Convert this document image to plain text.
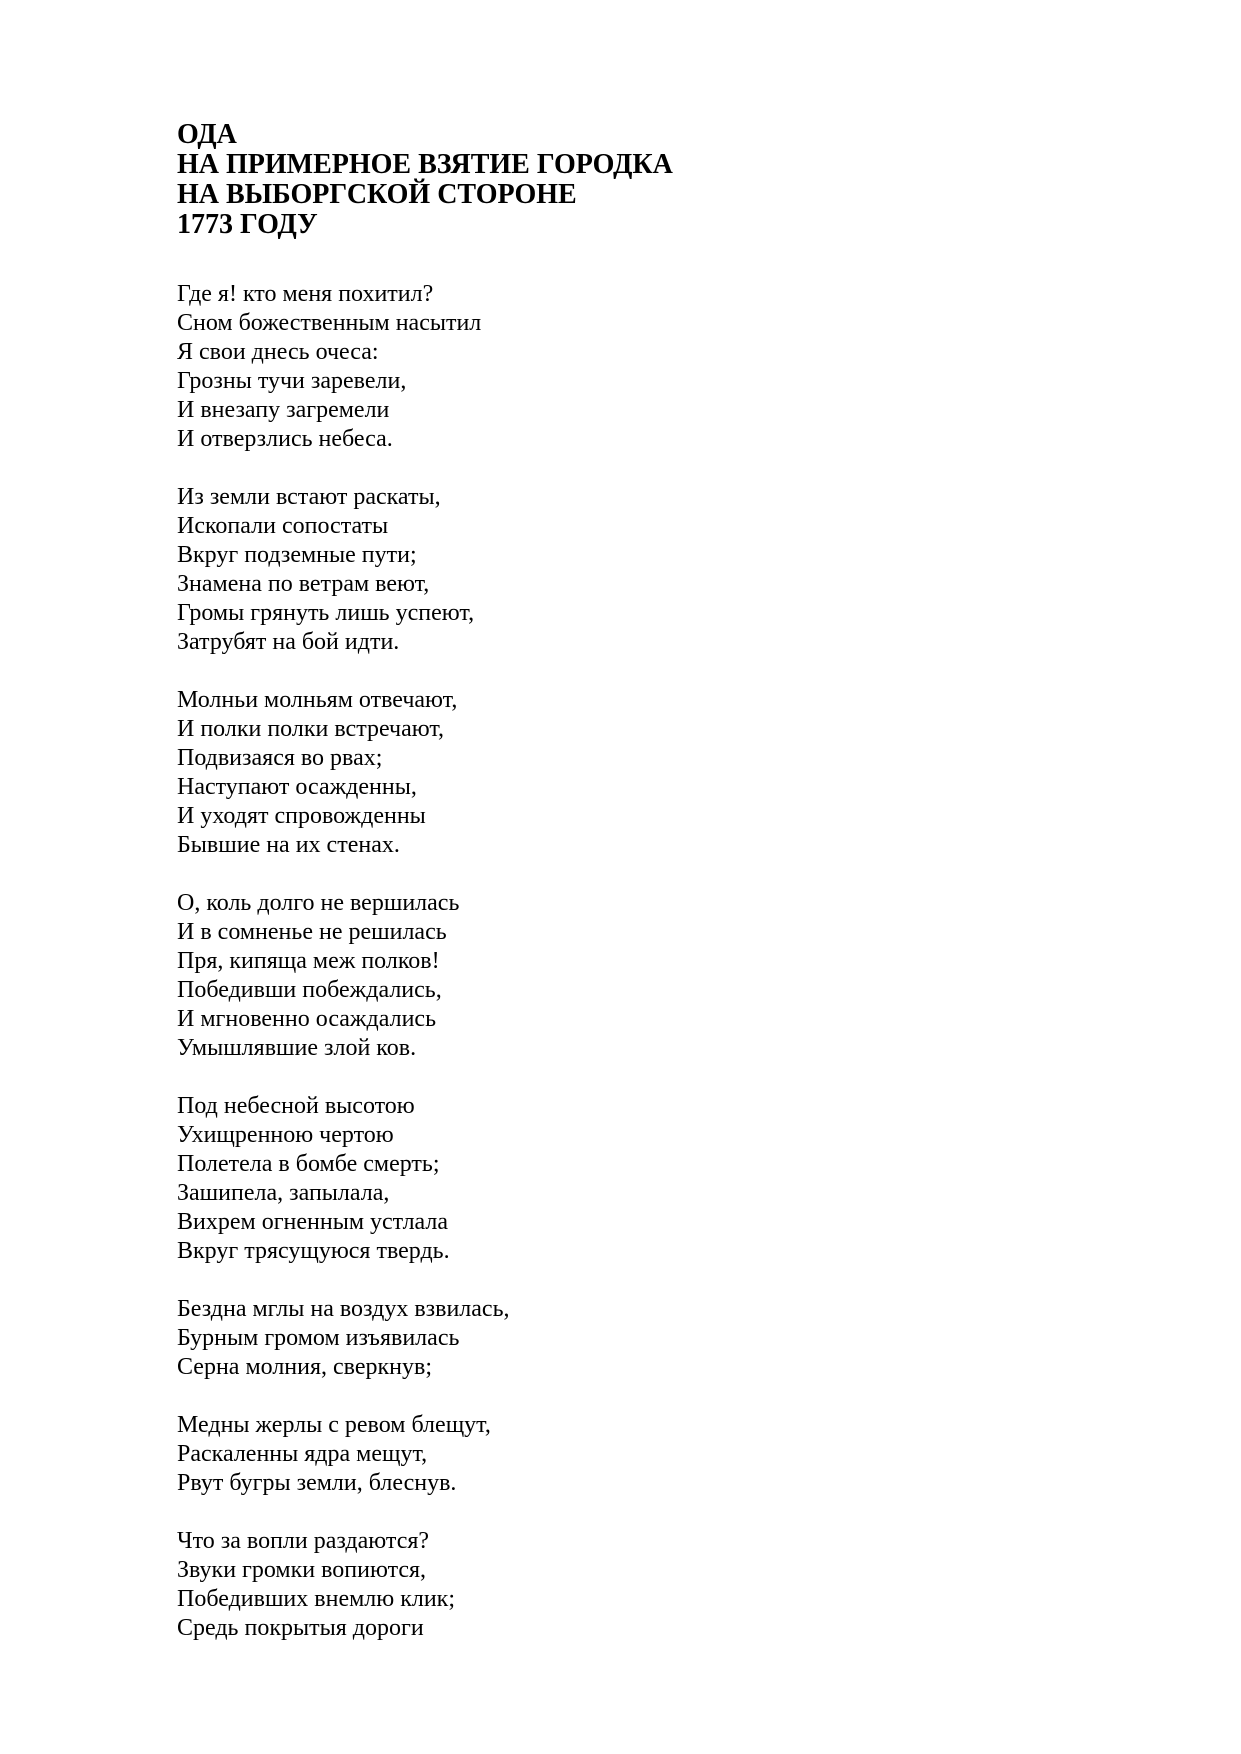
ОДА
НА ПРИМЕРНОЕ ВЗЯТИЕ ГОРОДКА
НА ВЫБОРГСКОЙ СТОРОНЕ
1773 ГОДУ
Где я! кто меня похитил?
Сном божественным насытил
Я свои днесь очеса:
Грозны тучи заревели,
И внезапу загремели
И отверзлись небеса.
Из земли встают раскаты,
Ископали сопостаты
Вкруг подземные пути;
Знамена по ветрам веют,
Громы грянуть лишь успеют,
Затрубят на бой идти.
Молньи молньям отвечают,
И полки полки встречают,
Подвизаяся во рвах;
Наступают осажденны,
И уходят спровожденны
Бывшие на их стенах.
О, коль долго не вершилась
И в сомненье не решилась
Пря, кипяща меж полков!
Победивши побеждались,
И мгновенно осаждались
Умышлявшие злой ков.
Под небесной высотою
Ухищренною чертою
Полетела в бомбе смерть;
Зашипела, запылала,
Вихрем огненным устлала
Вкруг трясущуюся твердь.
Бездна мглы на воздух взвилась,
Бурным громом изъявилась
Серна молния, сверкнув;
Медны жерлы с ревом блещут,
Раскаленны ядра мещут,
Рвут бугры земли, блеснув.
Что за вопли раздаются?
Звуки громки вопиются,
Победивших внемлю клик;
Средь покрытыя дороги
